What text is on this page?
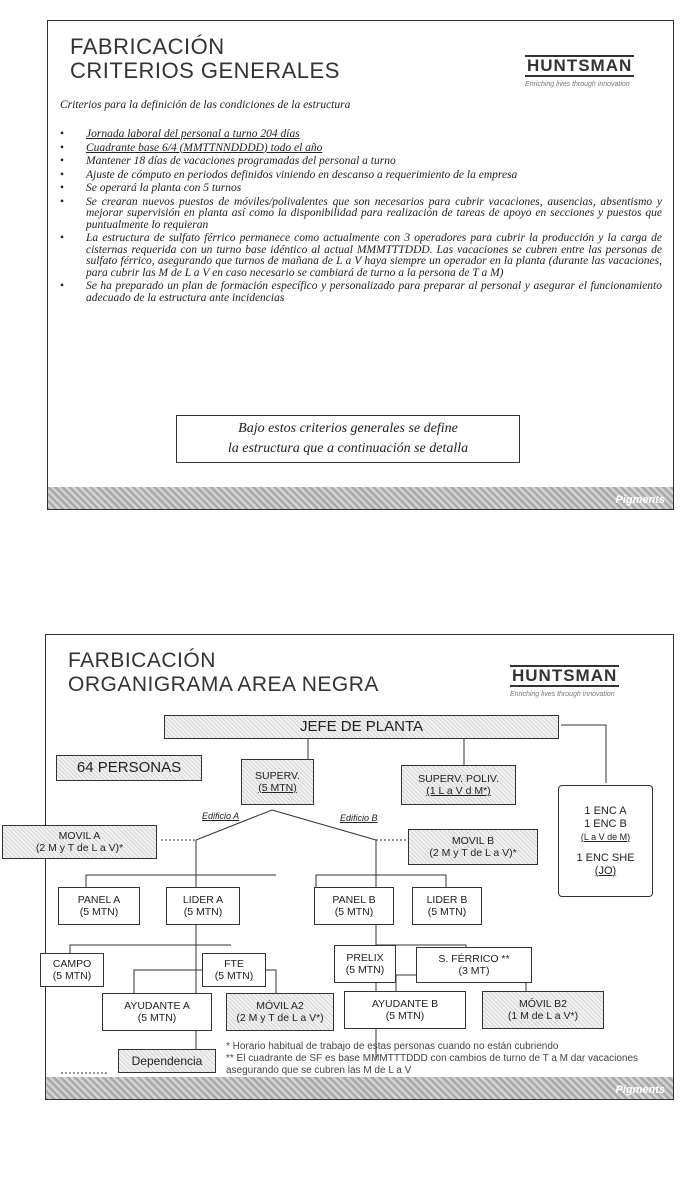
FABRICACIÓN
CRITERIOS GENERALES	HUNTSMAN
Enriching lives through innovation
Criterios para la definición de las condiciones de la estructura
• Jornada laboral del personal a turno 204 días
• Cuadrante base 6/4 (MMTTNNDDDD) todo el año
• Mantener 18 días de vacaciones programadas del personal a turno
• Ajuste de cómputo en periodos definidos viniendo en descanso a requerimiento de la empresa
• Se operará la planta con 5 turnos
• Se crearan nuevos puestos de móviles/polivalentes que son necesarios para cubrir vacaciones, ausencias, absentismo y mejorar supervisión en planta así como la disponibilidad para realización de tareas de apoyo en secciones y puestos que puntualmente lo requieran
• La estructura de sulfato férrico permanece como actualmente con 3 operadores para cubrir la producción y la carga de cisternas requerida con un turno base idéntico al actual MMMTTTDDD. Las vacaciones se cubren entre las personas de sulfato férrico, asegurando que turnos de mañana de L a V haya siempre un operador en la planta (durante las vacaciones, para cubrir las M de L a V en caso necesario se cambiará de turno a la persona de T a M)
• Se ha preparado un plan de formación específico y personalizado para preparar al personal y asegurar el funcionamiento adecuado de la estructura ante incidencias
Bajo estos criterios generales se define
la estructura que a continuación se detalla
Pigments
FARBICACIÓN
ORGANIGRAMA AREA NEGRA	HUNTSMAN
Enriching lives through innovation
JEFE DE PLANTA
64 PERSONAS	SUPERV.
(5 MTN)
SUPERV. POLIV.
(1 L a V d M*)
1 ENC A
1 ENC B
(L a V de M)
1 ENC SHE
(JO)
Edificio A	Edificio B
MOVIL A
(2 M y T de L a V)*
MOVIL B
(2 M y T de L a V)*
PANEL A
(5 MTN)
LIDER A
(5 MTN)
PANEL B
(5 MTN)
LIDER B
(5 MTN)
CAMPO
(5 MTN)
FTE
(5 MTN)
PRELIX
(5 MTN)
S. FÉRRICO **
(3 MT)
AYUDANTE A
(5 MTN)
MÓVIL A2
(2 M y T de L a V*)
AYUDANTE B
(5 MTN)
MÓVIL B2
(1 M de L a V*)
Dependencia
* Horario habitual de trabajo de estas personas cuando no están cubriendo
** El cuadrante de SF es base MMMTTTDDD con cambios de turno de T a M dar vacaciones asegurando que se cubren las M de L a V
Pigments
